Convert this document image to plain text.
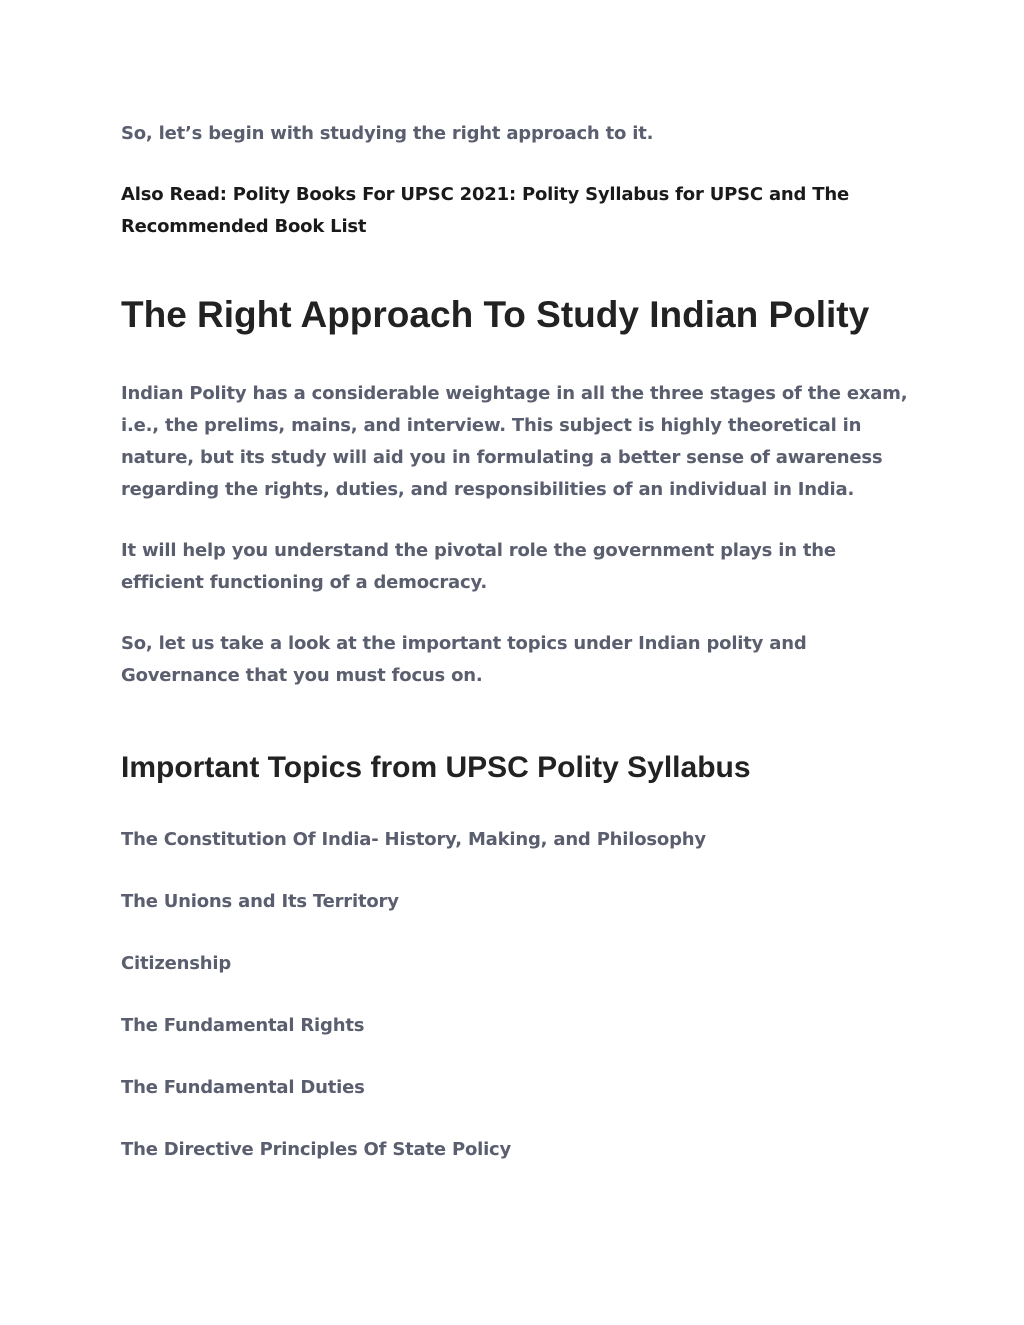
So, let’s begin with studying the right approach to it.

Also Read: Polity Books For UPSC 2021: Polity Syllabus for UPSC and The Recommended Book List

The Right Approach To Study Indian Polity

Indian Polity has a considerable weightage in all the three stages of the exam, i.e., the prelims, mains, and interview. This subject is highly theoretical in nature, but its study will aid you in formulating a better sense of awareness regarding the rights, duties, and responsibilities of an individual in India.

It will help you understand the pivotal role the government plays in the efficient functioning of a democracy.

So, let us take a look at the important topics under Indian polity and Governance that you must focus on.

Important Topics from UPSC Polity Syllabus

The Constitution Of India- History, Making, and Philosophy

The Unions and Its Territory

Citizenship

The Fundamental Rights

The Fundamental Duties

The Directive Principles Of State Policy
